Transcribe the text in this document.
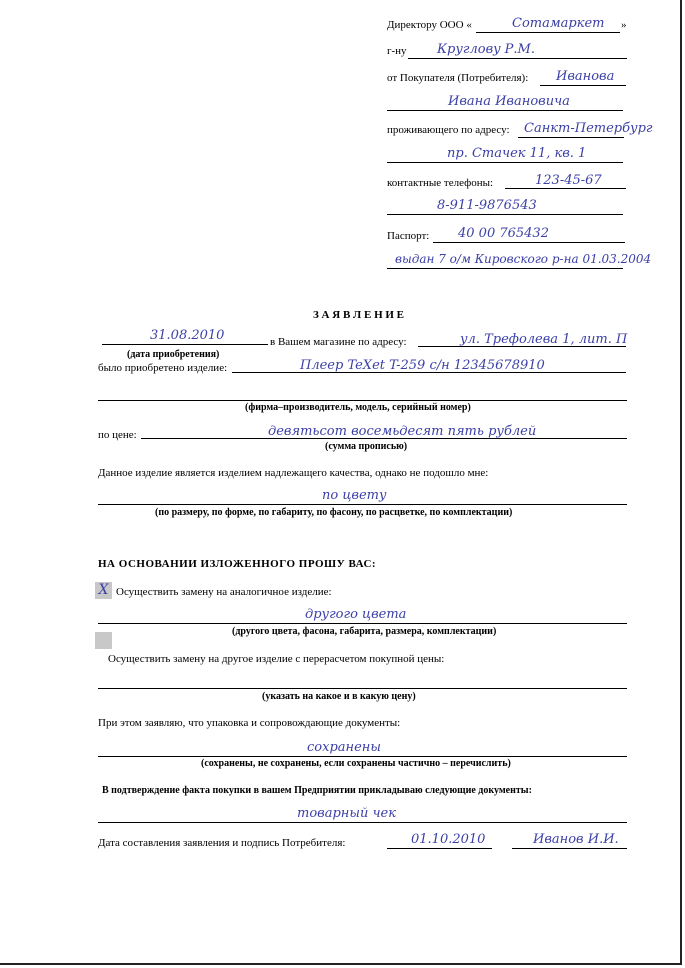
Директору ООО «	Сотамаркет »
г-ну Кругловy Р.М.
от Покупателя (Потребителя): Иванова
Ивана Ивановича
проживающего по адресу: Санкт-Петербург
пр. Стачек 11, кв. 1
контактные телефоны:	123-45-67
8-911-9876543
Паспорт: 40 00 765432
выдан 7 о/м Кировского р-на 01.03.2004
З А Я В Л Е Н И Е
31.08.2010	в Вашем магазине по адресу:	ул. Трефолева 1, лит. П
(дата приобретения)
было приобретено изделие:	Плеер TeXet T-259 с/н 12345678910
(фирма–производитель, модель, серийный номер)
по цене:	девятьсот восемьдесят пять рублей
(сумма прописью)
Данное изделие является изделием надлежащего качества, однако не подошло мне:
по цвету
(по размеру, по форме, по габариту, по фасону, по расцветке, по комплектации)
НА ОСНОВАНИИ ИЗЛОЖЕННОГО ПРОШУ ВАС:
X Осуществить замену на аналогичное изделие:
другого цвета
(другого цвета, фасона, габарита, размера, комплектации)
Осуществить замену на другое изделие с перерасчетом покупной цены:
(указать на какое и в какую цену)
При этом заявляю, что упаковка и сопровождающие документы:
сохранены
(сохранены, не сохранены, если сохранены частично – перечислить)
В подтверждение факта покупки в вашем Предприятии прикладываю следующие документы:
товарный чек
Дата составления заявления и подпись Потребителя:	01.10.2010	Иванов И.И.
